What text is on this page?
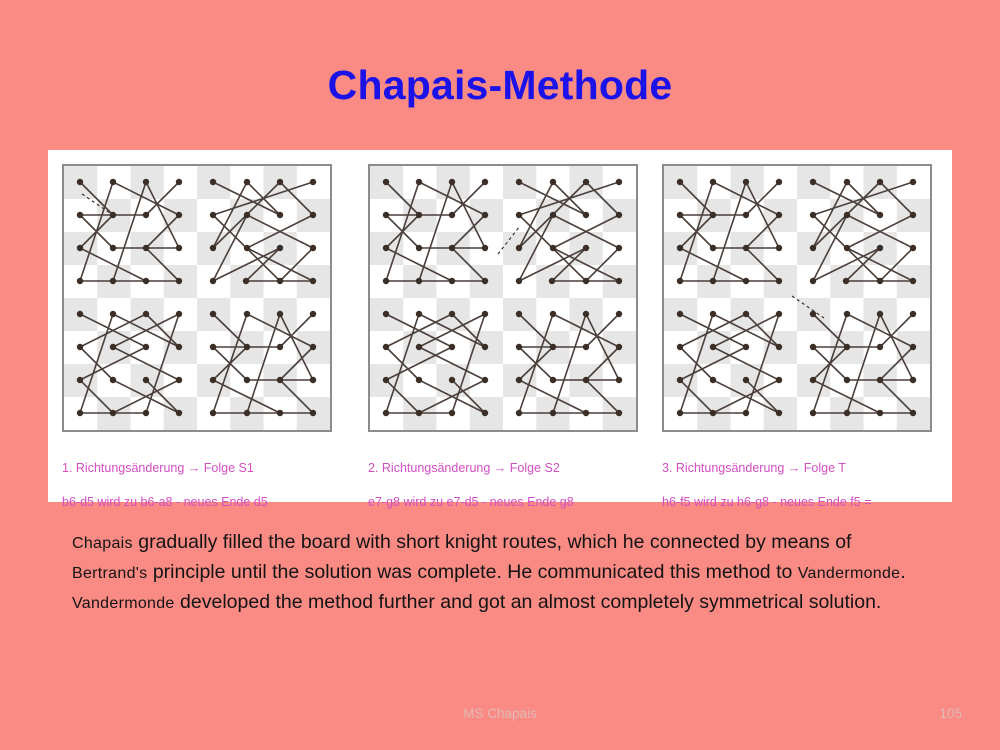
Chapais-Methode

1. Richtungsänderung → Folge S1

b6-d5 wird zu b6-a8 - neues Ende d5

2. Richtungsänderung → Folge S2

e7-g8 wird zu e7-d5 - neues Ende g8

3. Richtungsänderung → Folge T

h6-f5 wird zu h6-g8 - neues Ende f5 =

Chapais gradually filled the board with short knight routes, which he connected by means of Bertrand's principle until the solution was complete. He communicated this method to Vandermonde. Vandermonde developed the method further and got an almost completely symmetrical solution.
MS Chapais	105
